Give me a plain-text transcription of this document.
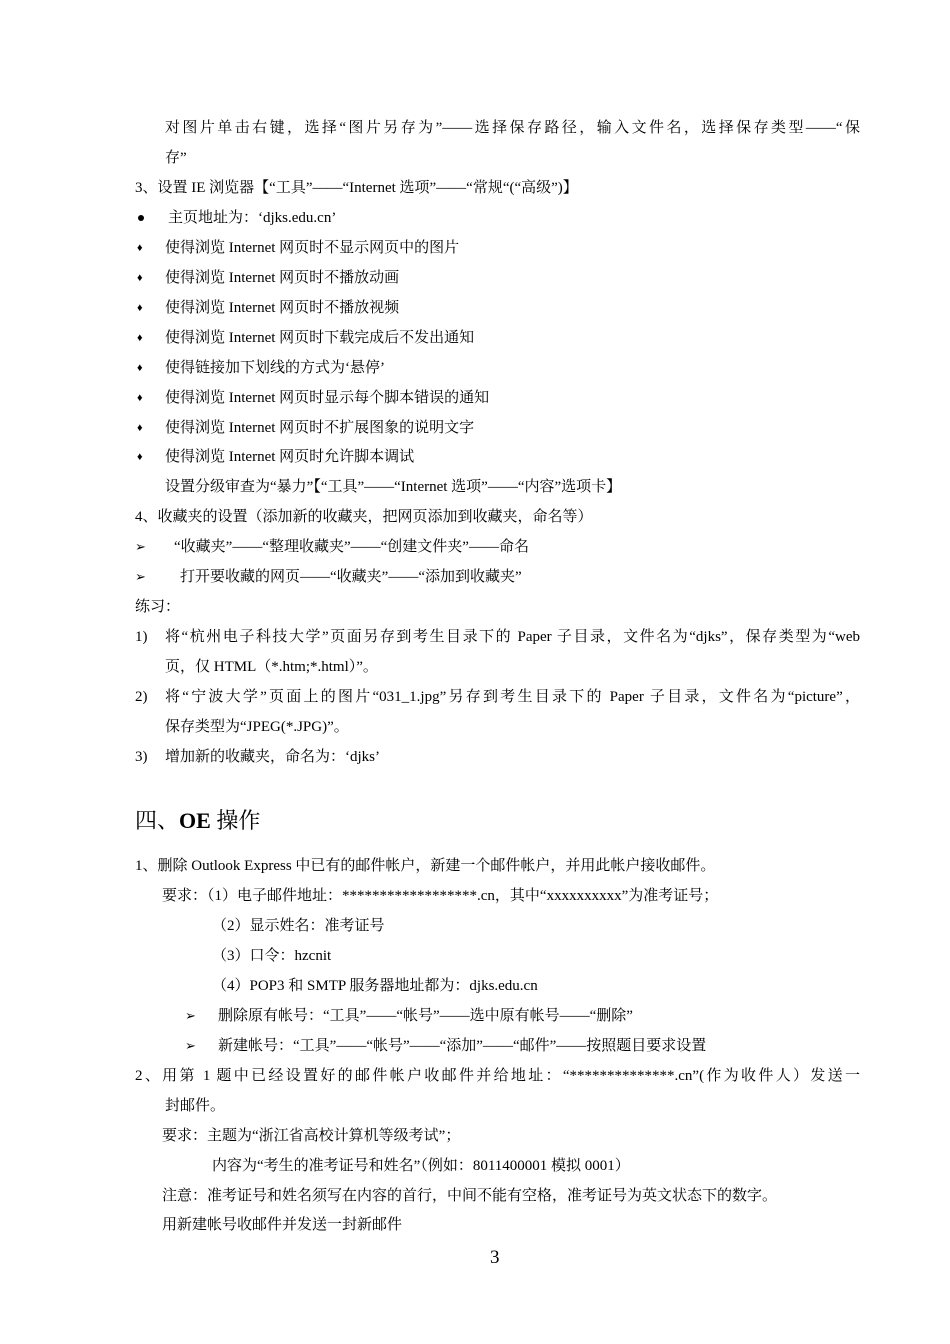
对图片单击右键，选择“图片另存为”——选择保存路径，输入文件名，选择保存类型——“保
存”
3、设置 IE 浏览器【“工具”——“Internet 选项”——“常规“(“高级”)】
主页地址为：‘djks.edu.cn’
♦ 使得浏览 Internet 网页时不显示网页中的图片
♦ 使得浏览 Internet 网页时不播放动画
♦ 使得浏览 Internet 网页时不播放视频
♦ 使得浏览 Internet 网页时下载完成后不发出通知
♦ 使得链接加下划线的方式为‘悬停’
♦ 使得浏览 Internet 网页时显示每个脚本错误的通知
♦ 使得浏览 Internet 网页时不扩展图象的说明文字
♦ 使得浏览 Internet 网页时允许脚本调试
设置分级审查为“暴力”【“工具”——“Internet 选项”——“内容”选项卡】
4、收藏夹的设置（添加新的收藏夹，把网页添加到收藏夹，命名等）
➢ “收藏夹”——“整理收藏夹”——“创建文件夹”——命名
➢ 打开要收藏的网页——“收藏夹”——“添加到收藏夹”
练习：
1) 将“杭州电子科技大学”页面另存到考生目录下的 Paper 子目录，文件名为“djks”，保存类型为“web
页，仅 HTML（*.htm;*.html）”。
2) 将“宁波大学”页面上的图片“031_1.jpg”另存到考生目录下的 Paper 子目录，文件名为“picture”，
保存类型为“JPEG(*.JPG)”。
3) 增加新的收藏夹，命名为：‘djks’
四、OE 操作
1、删除 Outlook Express 中已有的邮件帐户，新建一个邮件帐户，并用此帐户接收邮件。
要求：（1）电子邮件地址：******************.cn，其中“xxxxxxxxxx”为准考证号；
（2）显示姓名：准考证号
（3）口令：hzcnit
（4）POP3 和 SMTP 服务器地址都为：djks.edu.cn
➢ 删除原有帐号：“工具”——“帐号”——选中原有帐号——“删除”
➢ 新建帐号：“工具”——“帐号”——“添加”——“邮件”——按照题目要求设置
2、用第 1 题中已经设置好的邮件帐户收邮件并给地址：“**************.cn”(作为收件人）发送一
封邮件。
要求：主题为“浙江省高校计算机等级考试”；
内容为“考生的准考证号和姓名”（例如：8011400001 模拟 0001）
注意：准考证号和姓名须写在内容的首行，中间不能有空格，准考证号为英文状态下的数字。
用新建帐号收邮件并发送一封新邮件
3
